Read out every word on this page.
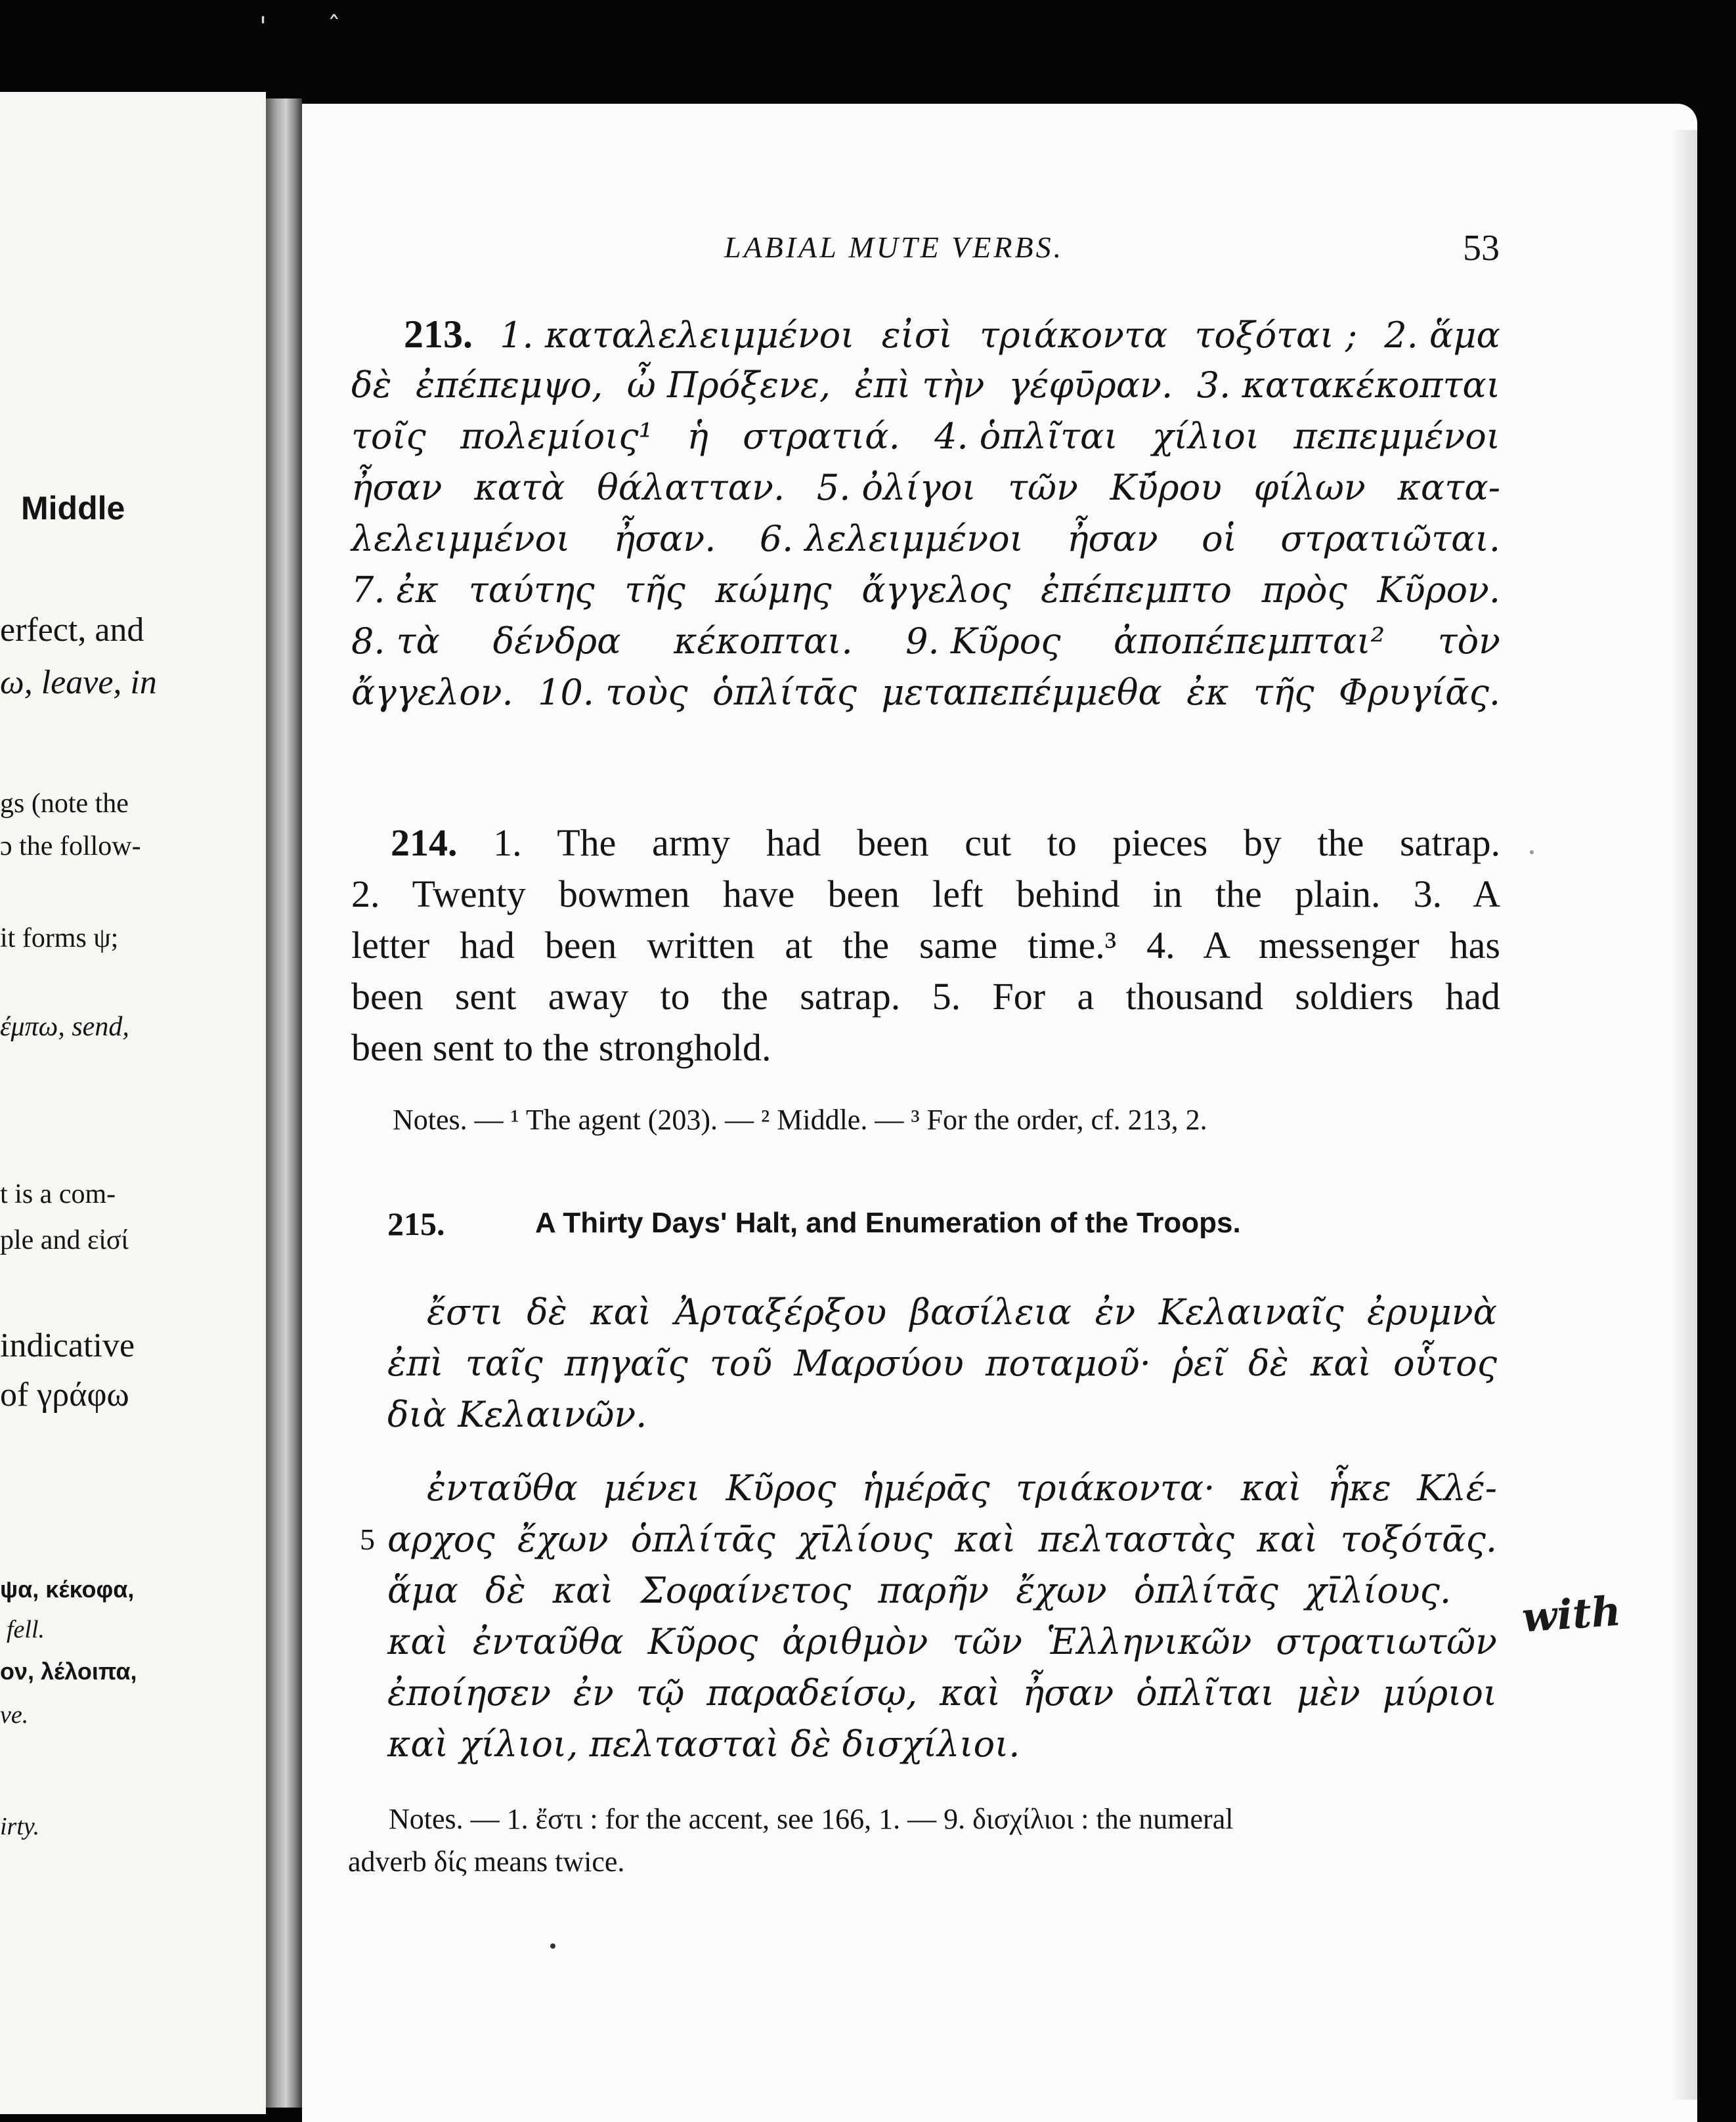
' ˆ
Middle
erfect, and
ω, leave, in
gs (note the
ɔ the follow-
it forms ψ;
έμπω, send,
t is a com-
ple and εἰσί
indicative
of γράφω
ψα, κέκοφα,
fell.
ον, λέλοιπα,
ve.
irty.
LABIAL MUTE VERBS.	53
213. 1. καταλελειμμένοι εἰσὶ τριάκοντα τοξόται ; 2. ἅμα
δὲ ἐπέπεμψο, ὦ Πρόξενε, ἐπὶ τὴν γέφῡραν. 3. κατακέκοπται
τοῖς πολεμίοις¹ ἡ στρατιά. 4. ὁπλῖται χίλιοι πεπεμμένοι
ἦσαν κατὰ θάλατταν. 5. ὀλίγοι τῶν Κῡ́ρου φίλων κατα-
λελειμμένοι ἦσαν. 6. λελειμμένοι ἦσαν οἱ στρατιῶται.
7. ἐκ ταύτης τῆς κώμης ἄγγελος ἐπέπεμπτο πρὸς Κῦρον.
8. τὰ δένδρα κέκοπται. 9. Κῦρος ἀποπέπεμπται² τὸν
ἄγγελον. 10. τοὺς ὁπλίτᾱς μεταπεπέμμεθα ἐκ τῆς Φρυγίᾱς.
214. 1. The army had been cut to pieces by the satrap.
2. Twenty bowmen have been left behind in the plain. 3. A
letter had been written at the same time.³ 4. A messenger has
been sent away to the satrap. 5. For a thousand soldiers had
been sent to the stronghold.
Notes. — ¹ The agent (203). — ² Middle. — ³ For the order, cf. 213, 2.
215.	A Thirty Days' Halt, and Enumeration of the Troops.
ἔστι δὲ καὶ Ἀρταξέρξου βασίλεια ἐν Κελαιναῖς ἐρυμνὰ
ἐπὶ ταῖς πηγαῖς τοῦ Μαρσύου ποταμοῦ· ῥεῖ δὲ καὶ οὗτος
διὰ Κελαινῶν.
ἐνταῦθα μένει Κῦρος ἡμέρᾱς τριάκοντα· καὶ ἧκε Κλέ-
αρχος ἔχων ὁπλίτᾱς χῑλίους καὶ πελταστὰς καὶ τοξότᾱς.
ἅμα δὲ καὶ Σοφαίνετος παρῆν ἔχων ὁπλίτᾱς χῑλίους.
καὶ ἐνταῦθα Κῦρος ἀριθμὸν τῶν Ἑλληνικῶν στρατιωτῶν
ἐποίησεν ἐν τῷ παραδείσῳ, καὶ ἦσαν ὁπλῖται μὲν μύριοι
καὶ χίλιοι, πελτασταὶ δὲ δισχίλιοι.
5
with
Notes. — 1. ἔστι : for the accent, see 166, 1. — 9. δισχίλιοι : the numeral
adverb δίς means twice.
